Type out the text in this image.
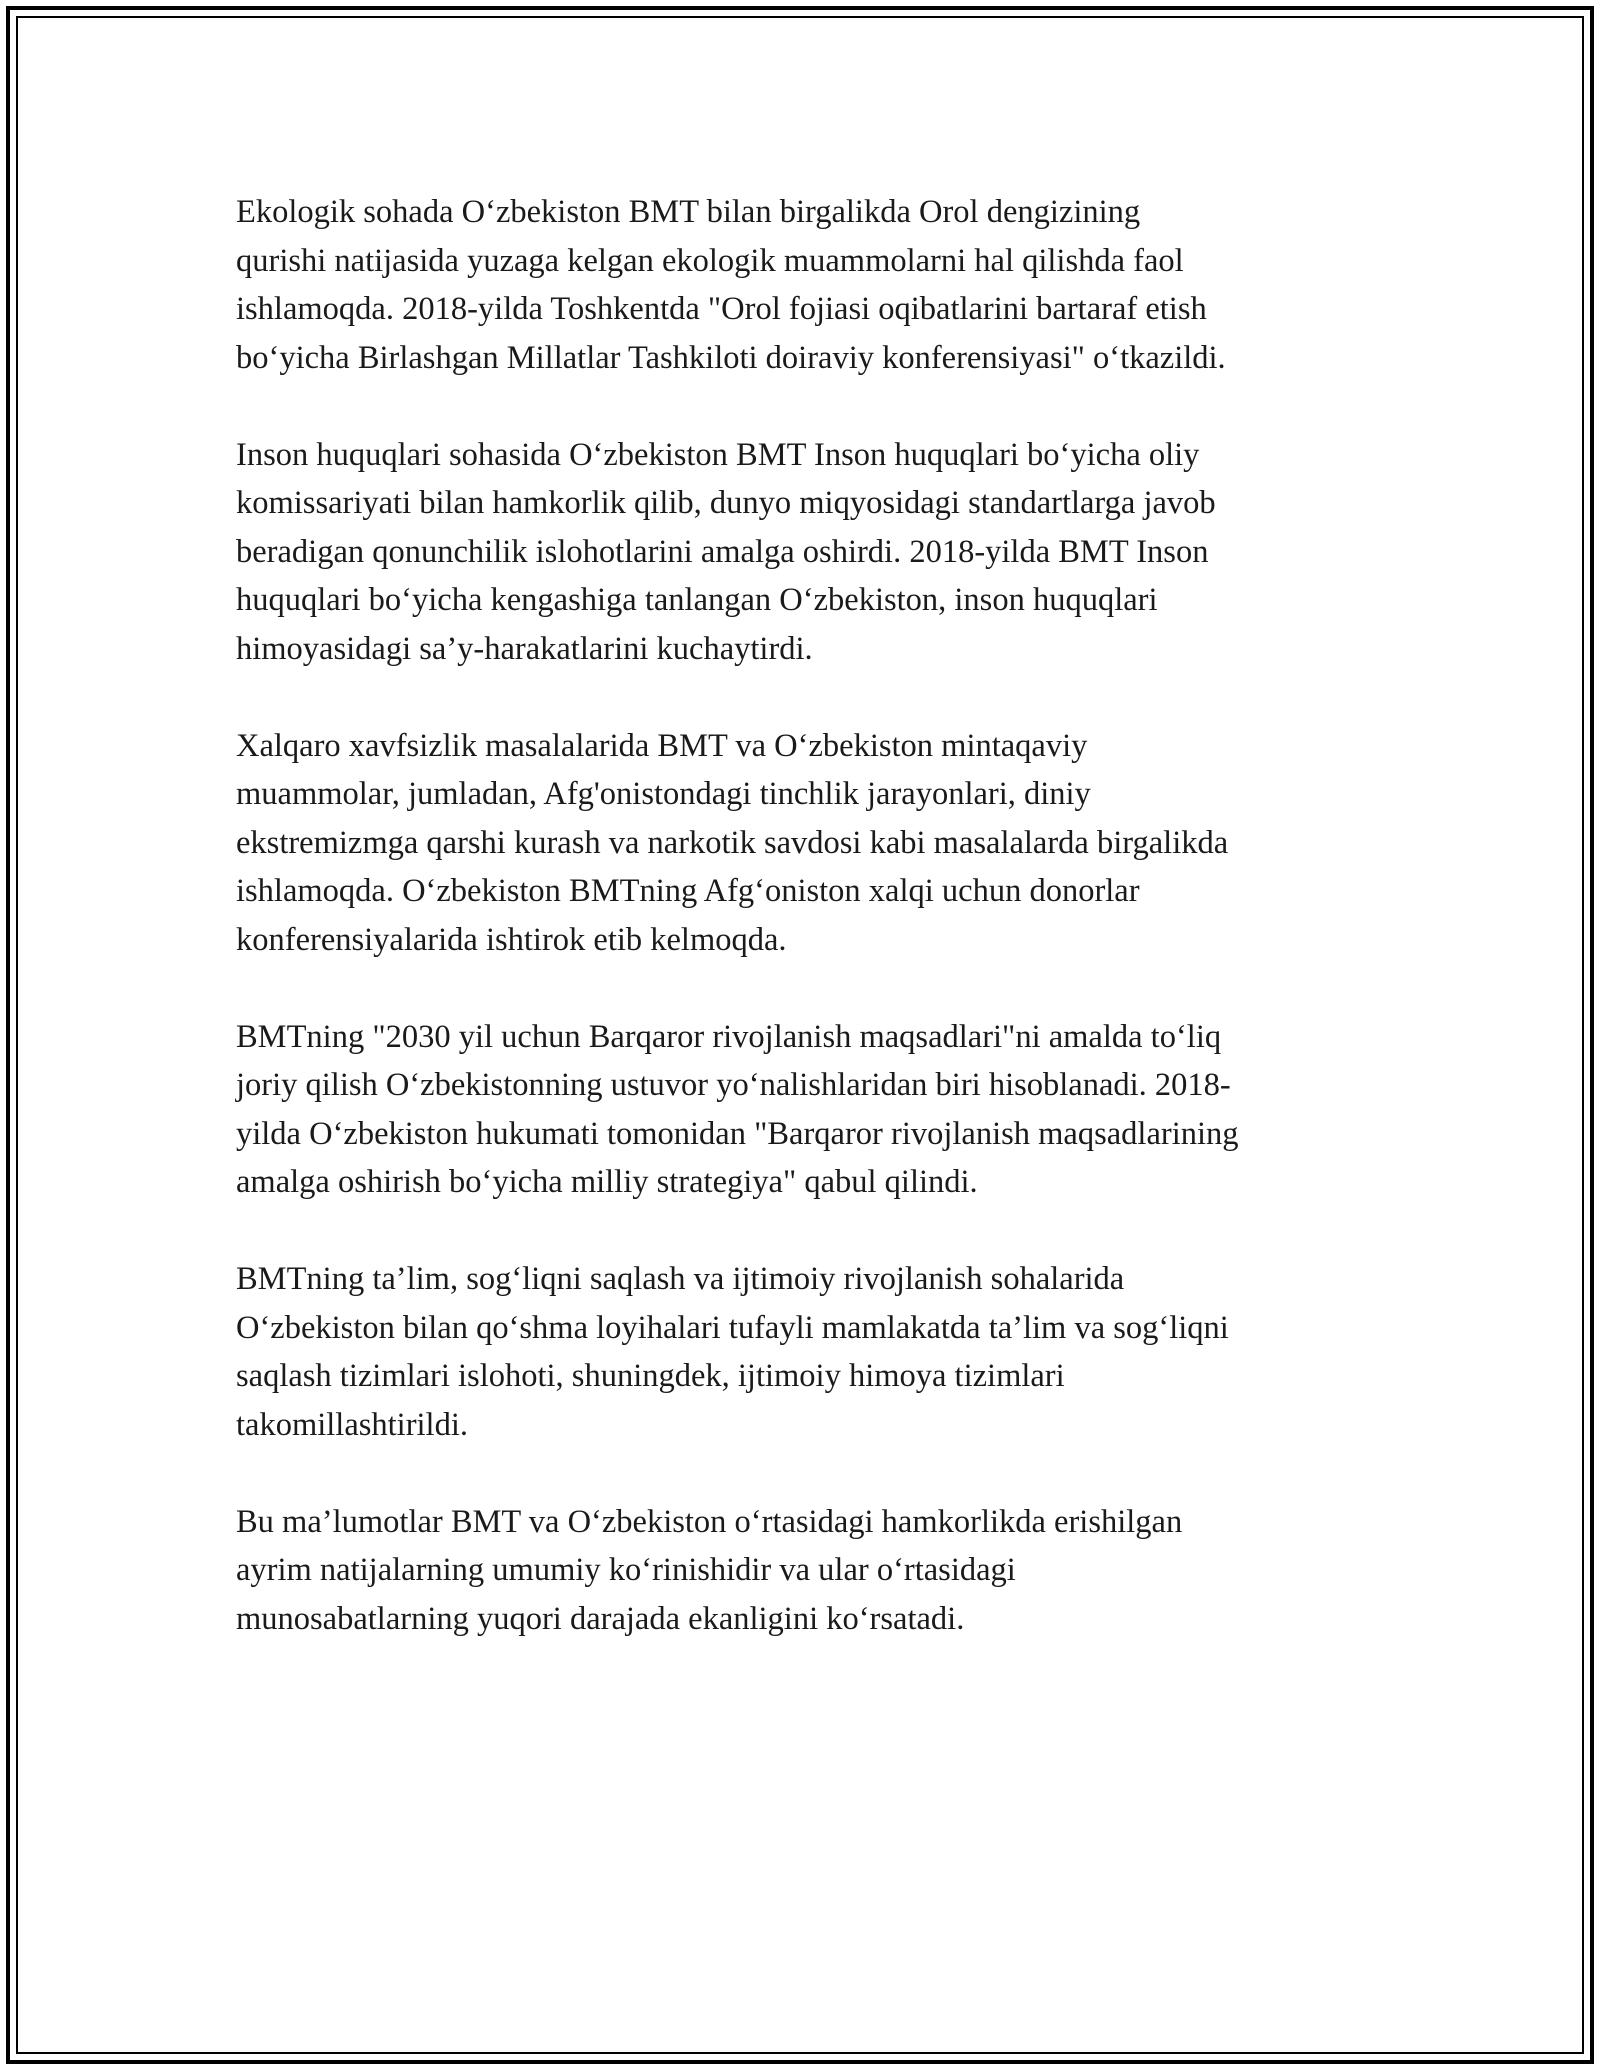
Ekologik sohada O‘zbekiston BMT bilan birgalikda Orol dengizining
qurishi natijasida yuzaga kelgan ekologik muammolarni hal qilishda faol
ishlamoqda. 2018-yilda Toshkentda "Orol fojiasi oqibatlarini bartaraf etish
bo‘yicha Birlashgan Millatlar Tashkiloti doiraviy konferensiyasi" o‘tkazildi.

Inson huquqlari sohasida O‘zbekiston BMT Inson huquqlari bo‘yicha oliy
komissariyati bilan hamkorlik qilib, dunyo miqyosidagi standartlarga javob
beradigan qonunchilik islohotlarini amalga oshirdi. 2018-yilda BMT Inson
huquqlari bo‘yicha kengashiga tanlangan O‘zbekiston, inson huquqlari
himoyasidagi sa’y-harakatlarini kuchaytirdi.

Xalqaro xavfsizlik masalalarida BMT va O‘zbekiston mintaqaviy
muammolar, jumladan, Afg'onistondagi tinchlik jarayonlari, diniy
ekstremizmga qarshi kurash va narkotik savdosi kabi masalalarda birgalikda
ishlamoqda. O‘zbekiston BMTning Afg‘oniston xalqi uchun donorlar
konferensiyalarida ishtirok etib kelmoqda.

BMTning "2030 yil uchun Barqaror rivojlanish maqsadlari"ni amalda to‘liq
joriy qilish O‘zbekistonning ustuvor yo‘nalishlaridan biri hisoblanadi. 2018-
yilda O‘zbekiston hukumati tomonidan "Barqaror rivojlanish maqsadlarining
amalga oshirish bo‘yicha milliy strategiya" qabul qilindi.

BMTning ta’lim, sog‘liqni saqlash va ijtimoiy rivojlanish sohalarida
O‘zbekiston bilan qo‘shma loyihalari tufayli mamlakatda ta’lim va sog‘liqni
saqlash tizimlari islohoti, shuningdek, ijtimoiy himoya tizimlari
takomillashtirildi.

Bu ma’lumotlar BMT va O‘zbekiston o‘rtasidagi hamkorlikda erishilgan
ayrim natijalarning umumiy ko‘rinishidir va ular o‘rtasidagi
munosabatlarning yuqori darajada ekanligini ko‘rsatadi.
